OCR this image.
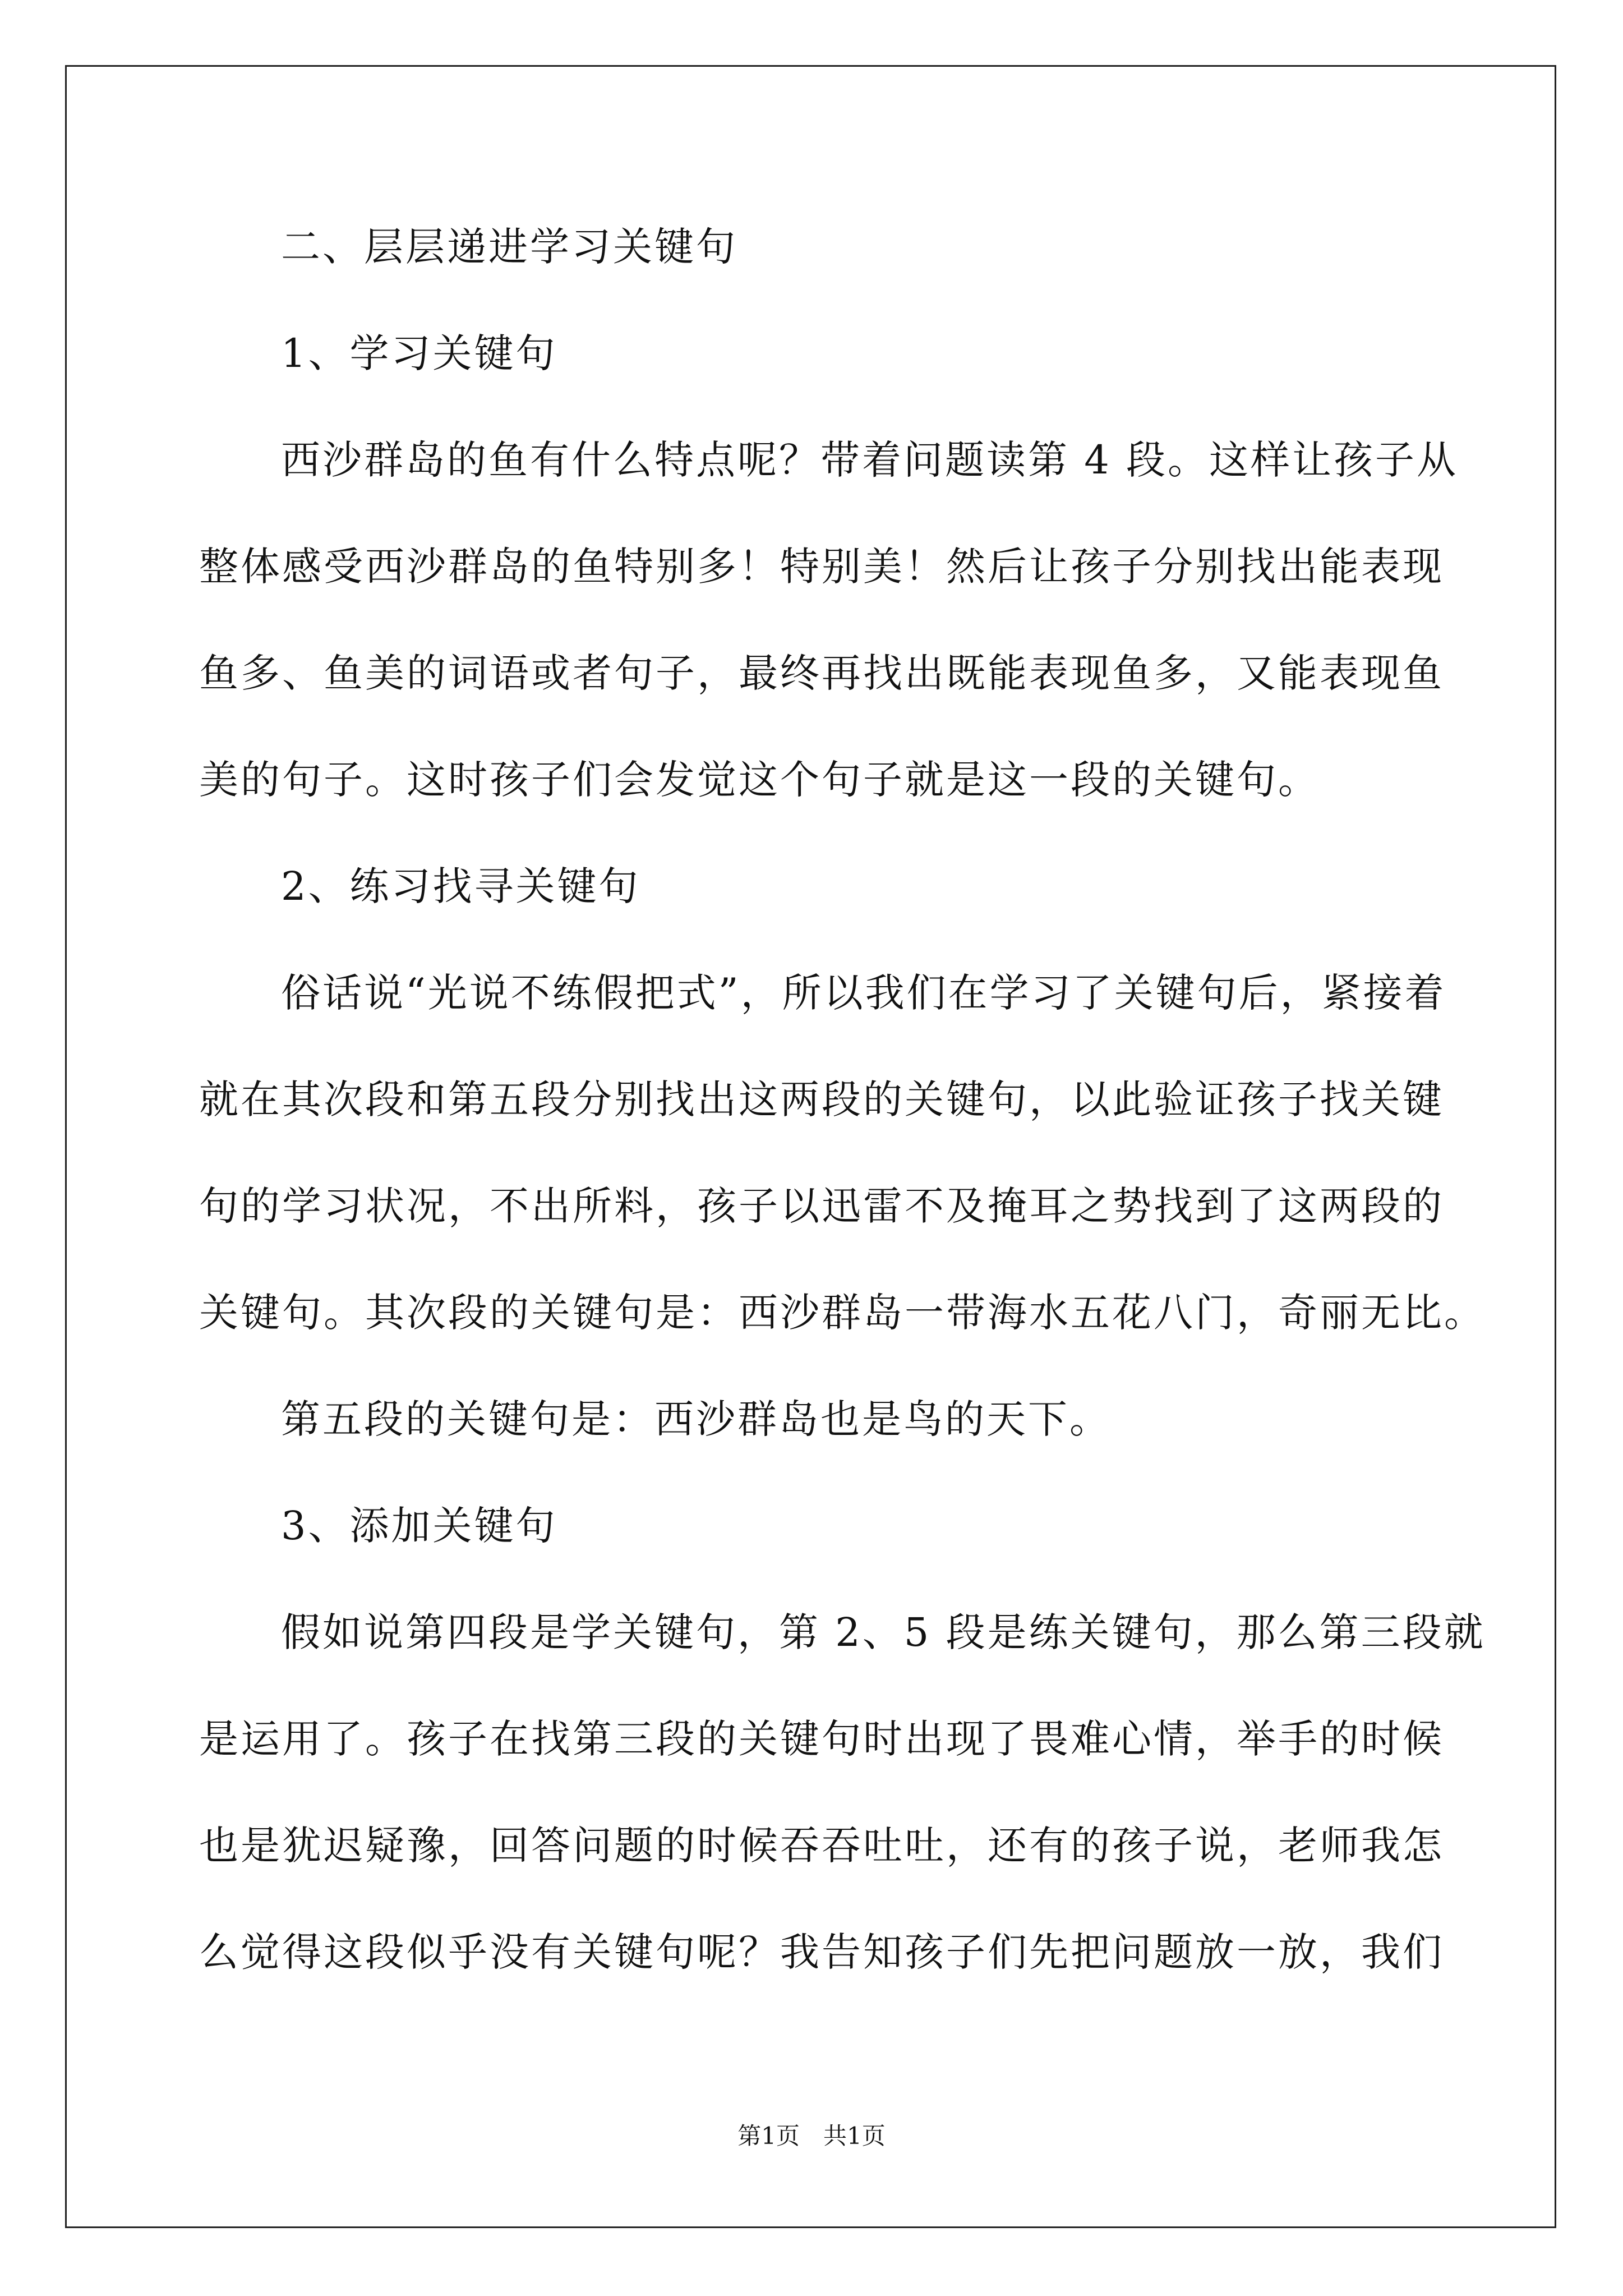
二、层层递进学习关键句
1、学习关键句
西沙群岛的鱼有什么特点呢？带着问题读第 4 段。这样让孩子从
整体感受西沙群岛的鱼特别多！特别美！然后让孩子分别找出能表现
鱼多、鱼美的词语或者句子，最终再找出既能表现鱼多，又能表现鱼
美的句子。这时孩子们会发觉这个句子就是这一段的关键句。
2、练习找寻关键句
俗话说“光说不练假把式”，所以我们在学习了关键句后，紧接着
就在其次段和第五段分别找出这两段的关键句，以此验证孩子找关键
句的学习状况，不出所料，孩子以迅雷不及掩耳之势找到了这两段的
关键句。其次段的关键句是：西沙群岛一带海水五花八门，奇丽无比。
第五段的关键句是：西沙群岛也是鸟的天下。
3、添加关键句
假如说第四段是学关键句，第 2、5 段是练关键句，那么第三段就
是运用了。孩子在找第三段的关键句时出现了畏难心情，举手的时候
也是犹迟疑豫，回答问题的时候吞吞吐吐，还有的孩子说，老师我怎
么觉得这段似乎没有关键句呢？我告知孩子们先把问题放一放，我们
第1页　共1页
